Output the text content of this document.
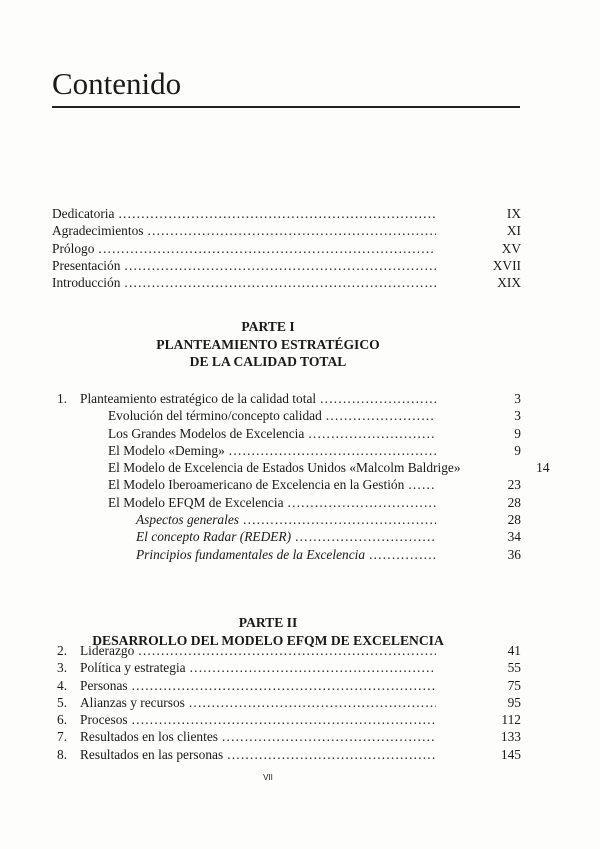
Contenido
Dedicatoria .....	IX
Agradecimientos .....	XI
Prólogo .....	XV
Presentación .....	XVII
Introducción .....	XIX
PARTE I
PLANTEAMIENTO ESTRATÉGICO
DE LA CALIDAD TOTAL
1. Planteamiento estratégico de la calidad total .....	3
Evolución del término/concepto calidad .....	3
Los Grandes Modelos de Excelencia .....	9
El Modelo «Deming» .....	9
El Modelo de Excelencia de Estados Unidos «Malcolm Baldrige»	14
El Modelo Iberoamericano de Excelencia en la Gestión .....	23
El Modelo EFQM de Excelencia .....	28
Aspectos generales .....	28
El concepto Radar (REDER) .....	34
Principios fundamentales de la Excelencia .....	36
PARTE II
DESARROLLO DEL MODELO EFQM DE EXCELENCIA
2. Liderazgo .....	41
3. Política y estrategia .....	55
4. Personas .....	75
5. Alianzas y recursos .....	95
6. Procesos .....	112
7. Resultados en los clientes .....	133
8. Resultados en las personas .....	145
VII
